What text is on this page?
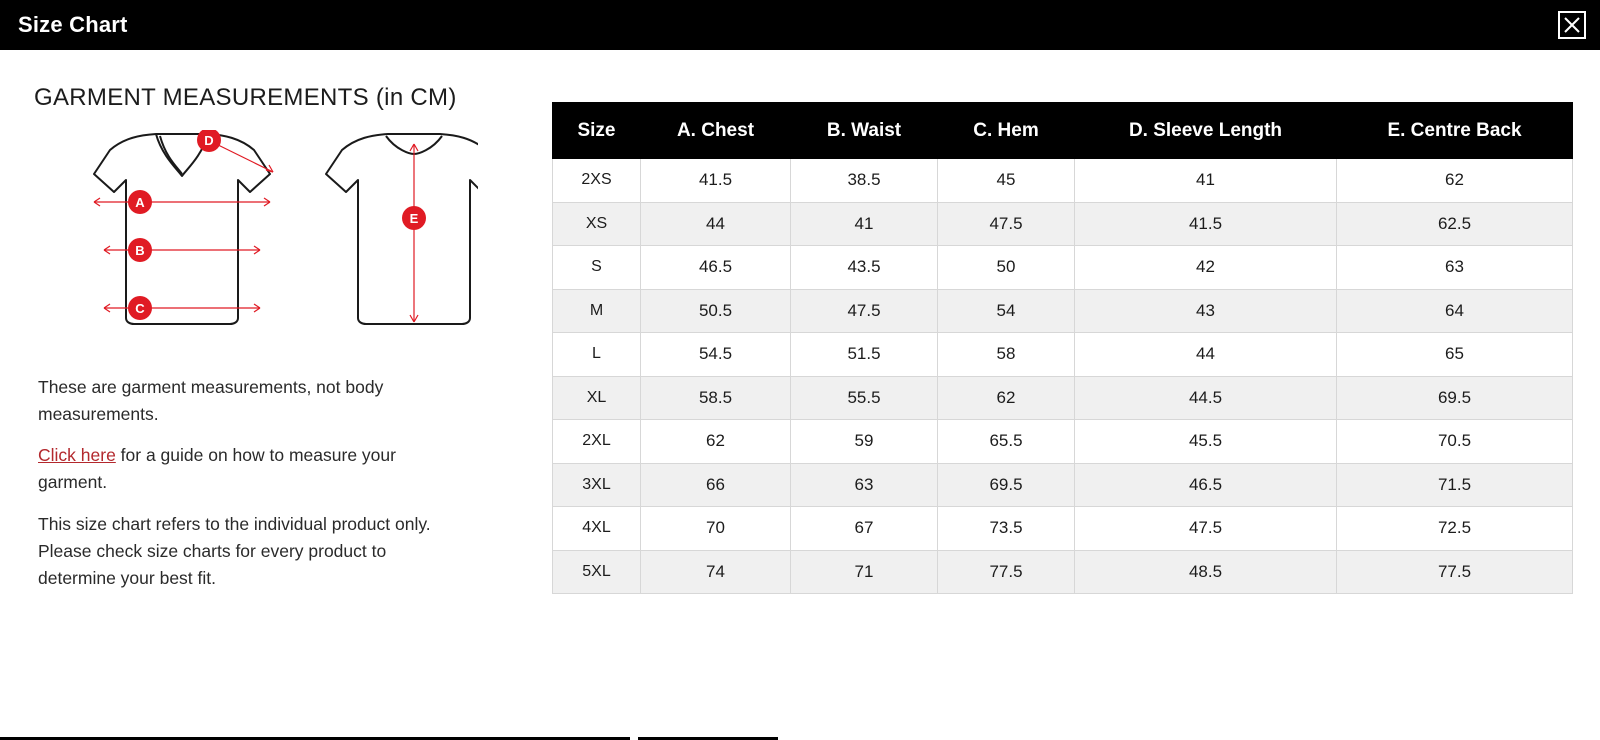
Size Chart
GARMENT MEASUREMENTS (in CM)
A
B
C
D
E

These are garment measurements, not body measurements.

Click here for a guide on how to measure your garment.

This size chart refers to the individual product only. Please check size charts for every product to determine your best fit.

Size	A. Chest	B. Waist	C. Hem	D. Sleeve Length	E. Centre Back
2XS	41.5	38.5	45	41	62
XS	44	41	47.5	41.5	62.5
S	46.5	43.5	50	42	63
M	50.5	47.5	54	43	64
L	54.5	51.5	58	44	65
XL	58.5	55.5	62	44.5	69.5
2XL	62	59	65.5	45.5	70.5
3XL	66	63	69.5	46.5	71.5
4XL	70	67	73.5	47.5	72.5
5XL	74	71	77.5	48.5	77.5
